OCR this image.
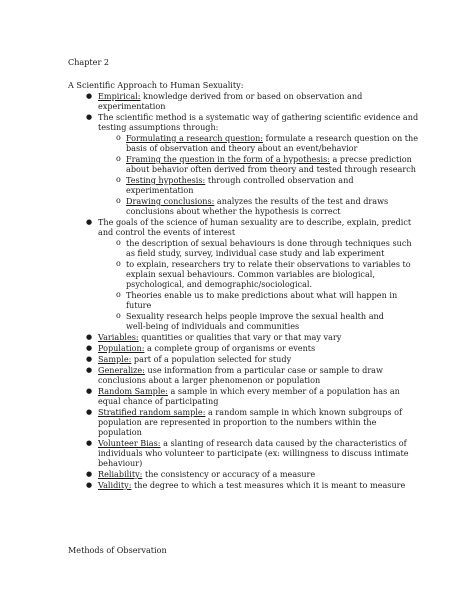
Chapter 2
A Scientific Approach to Human Sexuality:
● Empirical: knowledge derived from or based on observation and
experimentation
● The scientific method is a systematic way of gathering scientific evidence and
testing assumptions through:
o Formulating a research question: formulate a research question on the
basis of observation and theory about an event/behavior
o Framing the question in the form of a hypothesis: a precse prediction
about behavior often derived from theory and tested through research
o Testing hypothesis: through controlled observation and
experimentation
o Drawing conclusions: analyzes the results of the test and draws
conclusions about whether the hypothesis is correct
● The goals of the science of human sexuality are to describe, explain, predict
and control the events of interest
o the description of sexual behaviours is done through techniques such
as field study, survey, individual case study and lab experiment
o to explain, researchers try to relate their observations to variables to
explain sexual behaviours. Common variables are biological,
psychological, and demographic/sociological.
o Theories enable us to make predictions about what will happen in
future
o Sexuality research helps people improve the sexual health and
well-being of individuals and communities
● Variables: quantities or qualities that vary or that may vary
● Population: a complete group of organisms or events
● Sample: part of a population selected for study
● Generalize: use information from a particular case or sample to draw
conclusions about a larger phenomenon or population
● Random Sample: a sample in which every member of a population has an
equal chance of participating
● Stratified random sample: a random sample in which known subgroups of
population are represented in proportion to the numbers within the
population
● Volunteer Bias: a slanting of research data caused by the characteristics of
individuals who volunteer to participate (ex: willingness to discuss intimate
behaviour)
● Reliability: the consistency or accuracy of a measure
● Validity: the degree to which a test measures which it is meant to measure
Methods of Observation
